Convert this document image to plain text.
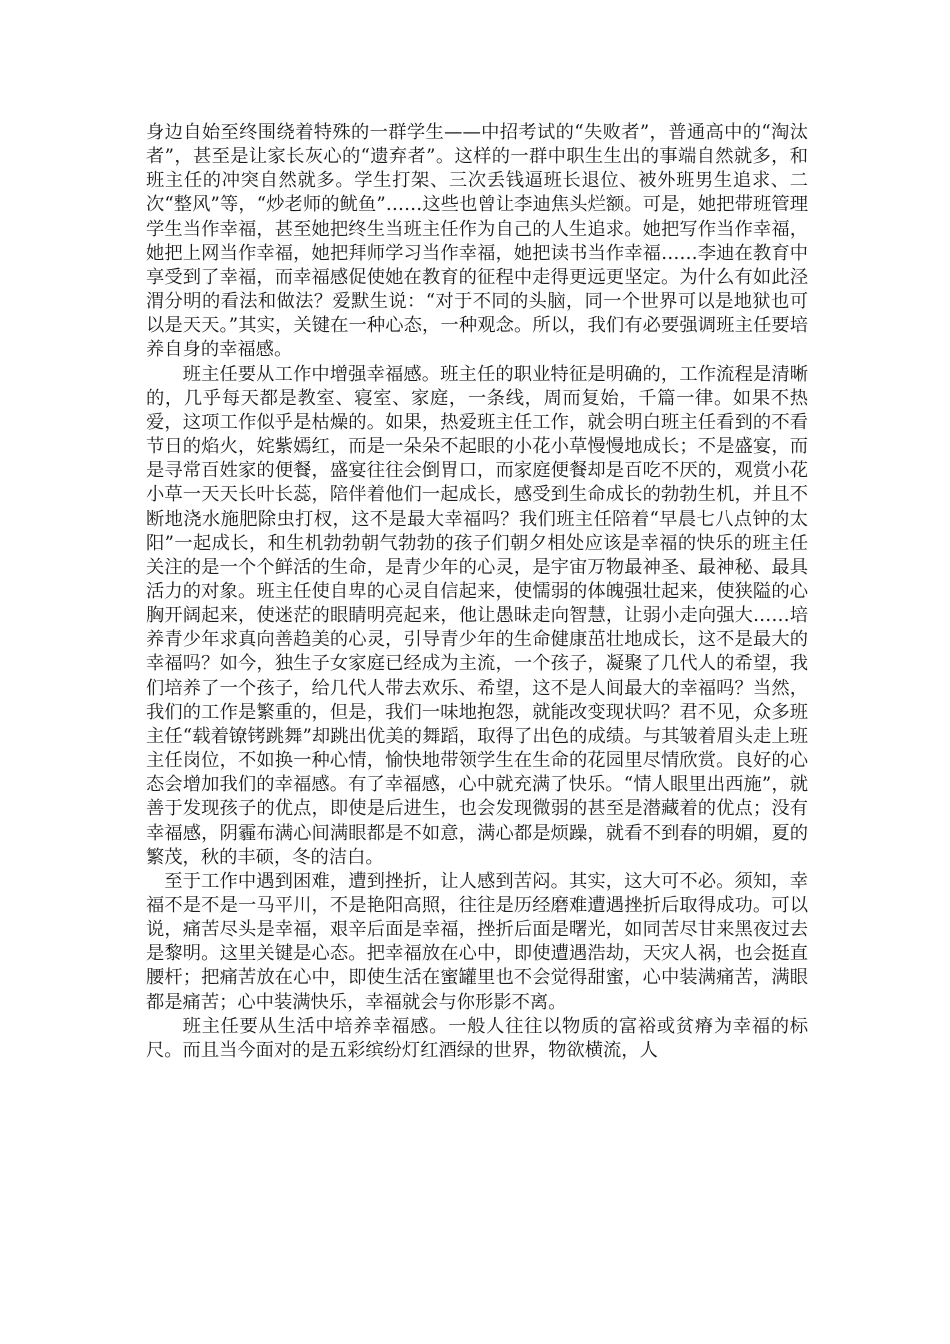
身边自始至终围绕着特殊的一群学生——中招考试的“失败者”，普通高中的“淘汰者”，甚至是让家长灰心的“遗弃者”。这样的一群中职生生出的事端自然就多，和班主任的冲突自然就多。学生打架、三次丢钱逼班长退位、被外班男生追求、二次“整风”等，“炒老师的鱿鱼”……这些也曾让李迪焦头烂额。可是，她把带班管理学生当作幸福，甚至她把终生当班主任作为自己的人生追求。她把写作当作幸福，她把上网当作幸福，她把拜师学习当作幸福，她把读书当作幸福……李迪在教育中享受到了幸福，而幸福感促使她在教育的征程中走得更远更坚定。为什么有如此泾渭分明的看法和做法？爱默生说：“对于不同的头脑，同一个世界可以是地狱也可以是天天。”其实，关键在一种心态，一种观念。所以，我们有必要强调班主任要培养自身的幸福感。

班主任要从工作中增强幸福感。班主任的职业特征是明确的，工作流程是清晰的，几乎每天都是教室、寝室、家庭，一条线，周而复始，千篇一律。如果不热爱，这项工作似乎是枯燥的。如果，热爱班主任工作，就会明白班主任看到的不看节日的焰火，姹紫嫣红，而是一朵朵不起眼的小花小草慢慢地成长；不是盛宴，而是寻常百姓家的便餐，盛宴往往会倒胃口，而家庭便餐却是百吃不厌的，观赏小花小草一天天长叶长蕊，陪伴着他们一起成长，感受到生命成长的勃勃生机，并且不断地浇水施肥除虫打杈，这不是最大幸福吗？我们班主任陪着“早晨七八点钟的太阳”一起成长，和生机勃勃朝气勃勃的孩子们朝夕相处应该是幸福的快乐的班主任关注的是一个个鲜活的生命，是青少年的心灵，是宇宙万物最神圣、最神秘、最具活力的对象。班主任使自卑的心灵自信起来，使懦弱的体魄强壮起来，使狭隘的心胸开阔起来，使迷茫的眼睛明亮起来，他让愚昧走向智慧，让弱小走向强大……培养青少年求真向善趋美的心灵，引导青少年的生命健康茁壮地成长，这不是最大的幸福吗？如今，独生子女家庭已经成为主流，一个孩子，凝聚了几代人的希望，我们培养了一个孩子，给几代人带去欢乐、希望，这不是人间最大的幸福吗？当然，我们的工作是繁重的，但是，我们一味地抱怨，就能改变现状吗？君不见，众多班主任“载着镣铐跳舞”却跳出优美的舞蹈，取得了出色的成绩。与其皱着眉头走上班主任岗位，不如换一种心情，愉快地带领学生在生命的花园里尽情欣赏。良好的心态会增加我们的幸福感。有了幸福感，心中就充满了快乐。“情人眼里出西施”，就善于发现孩子的优点，即使是后进生，也会发现微弱的甚至是潜藏着的优点；没有幸福感，阴霾布满心间满眼都是不如意，满心都是烦躁，就看不到春的明媚，夏的繁茂，秋的丰硕，冬的洁白。

至于工作中遇到困难，遭到挫折，让人感到苦闷。其实，这大可不必。须知，幸福不是不是一马平川，不是艳阳高照，往往是历经磨难遭遇挫折后取得成功。可以说，痛苦尽头是幸福，艰辛后面是幸福，挫折后面是曙光，如同苦尽甘来黑夜过去是黎明。这里关键是心态。把幸福放在心中，即使遭遇浩劫，天灾人祸，也会挺直腰杆；把痛苦放在心中，即使生活在蜜罐里也不会觉得甜蜜，心中装满痛苦，满眼都是痛苦；心中装满快乐，幸福就会与你形影不离。

班主任要从生活中培养幸福感。一般人往往以物质的富裕或贫瘠为幸福的标尺。而且当今面对的是五彩缤纷灯红酒绿的世界，物欲横流，人
